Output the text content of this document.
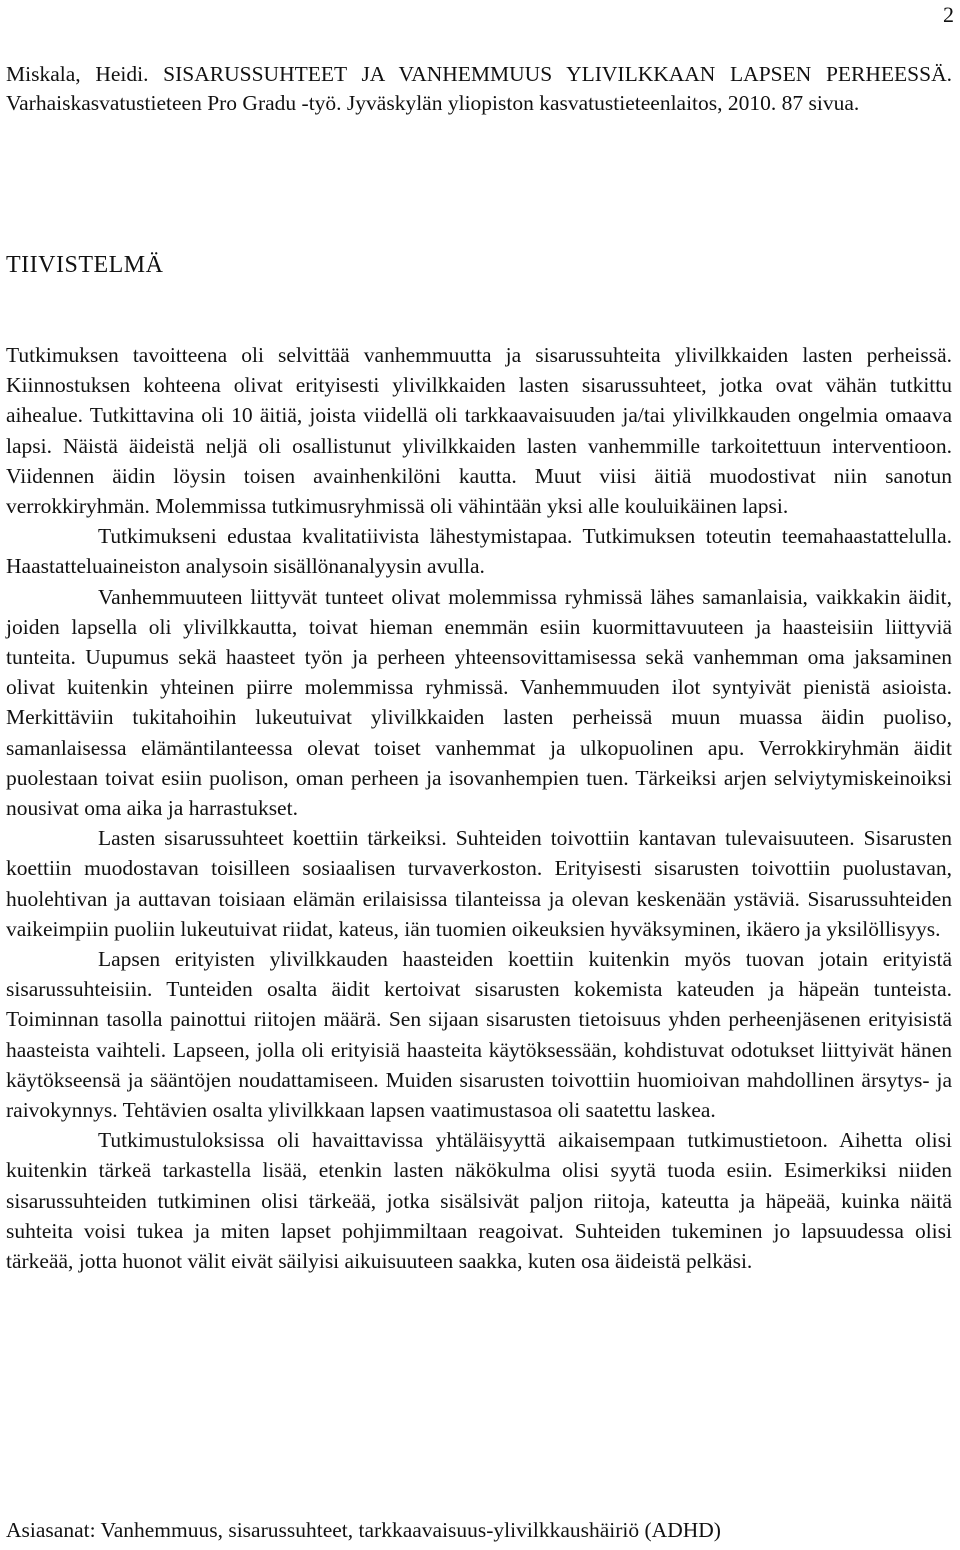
2
Miskala, Heidi. SISARUSSUHTEET JA VANHEMMUUS YLIVILKKAAN LAPSEN PERHEESSÄ. Varhaiskasvatustieteen Pro Gradu -työ. Jyväskylän yliopiston kasvatustieteenlaitos, 2010. 87 sivua.
TIIVISTELMÄ

Tutkimuksen tavoitteena oli selvittää vanhemmuutta ja sisarussuhteita ylivilkkaiden lasten perheissä. Kiinnostuksen kohteena olivat erityisesti ylivilkkaiden lasten sisarussuhteet, jotka ovat vähän tutkittu aihealue. Tutkittavina oli 10 äitiä, joista viidellä oli tarkkaavaisuuden ja/tai ylivilkkauden ongelmia omaava lapsi. Näistä äideistä neljä oli osallistunut ylivilkkaiden lasten vanhemmille tarkoitettuun interventioon. Viidennen äidin löysin toisen avainhenkilöni kautta. Muut viisi äitiä muodostivat niin sanotun verrokkiryhmän. Molemmissa tutkimusryhmissä oli vähintään yksi alle kouluikäinen lapsi.

Tutkimukseni edustaa kvalitatiivista lähestymistapaa. Tutkimuksen toteutin teemahaastattelulla. Haastatteluaineiston analysoin sisällönanalyysin avulla.

Vanhemmuuteen liittyvät tunteet olivat molemmissa ryhmissä lähes samanlaisia, vaikkakin äidit, joiden lapsella oli ylivilkkautta, toivat hieman enemmän esiin kuormittavuuteen ja haasteisiin liittyviä tunteita. Uupumus sekä haasteet työn ja perheen yhteensovittamisessa sekä vanhemman oma jaksaminen olivat kuitenkin yhteinen piirre molemmissa ryhmissä. Vanhemmuuden ilot syntyivät pienistä asioista. Merkittäviin tukitahoihin lukeutuivat ylivilkkaiden lasten perheissä muun muassa äidin puoliso, samanlaisessa elämäntilanteessa olevat toiset vanhemmat ja ulkopuolinen apu. Verrokkiryhmän äidit puolestaan toivat esiin puolison, oman perheen ja isovanhempien tuen. Tärkeiksi arjen selviytymiskeinoiksi nousivat oma aika ja harrastukset.

Lasten sisarussuhteet koettiin tärkeiksi. Suhteiden toivottiin kantavan tulevaisuuteen. Sisarusten koettiin muodostavan toisilleen sosiaalisen turvaverkoston. Erityisesti sisarusten toivottiin puolustavan, huolehtivan ja auttavan toisiaan elämän erilaisissa tilanteissa ja olevan keskenään ystäviä. Sisarussuhteiden vaikeimpiin puoliin lukeutuivat riidat, kateus, iän tuomien oikeuksien hyväksyminen, ikäero ja yksilöllisyys.

Lapsen erityisten ylivilkkauden haasteiden koettiin kuitenkin myös tuovan jotain erityistä sisarussuhteisiin. Tunteiden osalta äidit kertoivat sisarusten kokemista kateuden ja häpeän tunteista. Toiminnan tasolla painottui riitojen määrä. Sen sijaan sisarusten tietoisuus yhden perheenjäsenen erityisistä haasteista vaihteli. Lapseen, jolla oli erityisiä haasteita käytöksessään, kohdistuvat odotukset liittyivät hänen käytökseensä ja sääntöjen noudattamiseen. Muiden sisarusten toivottiin huomioivan mahdollinen ärsytys- ja raivokynnys. Tehtävien osalta ylivilkkaan lapsen vaatimustasoa oli saatettu laskea.

Tutkimustuloksissa oli havaittavissa yhtäläisyyttä aikaisempaan tutkimustietoon. Aihetta olisi kuitenkin tärkeä tarkastella lisää, etenkin lasten näkökulma olisi syytä tuoda esiin. Esimerkiksi niiden sisarussuhteiden tutkiminen olisi tärkeää, jotka sisälsivät paljon riitoja, kateutta ja häpeää, kuinka näitä suhteita voisi tukea ja miten lapset pohjimmiltaan reagoivat. Suhteiden tukeminen jo lapsuudessa olisi tärkeää, jotta huonot välit eivät säilyisi aikuisuuteen saakka, kuten osa äideistä pelkäsi.

Asiasanat: Vanhemmuus, sisarussuhteet, tarkkaavaisuus-ylivilkkaushäiriö (ADHD)
